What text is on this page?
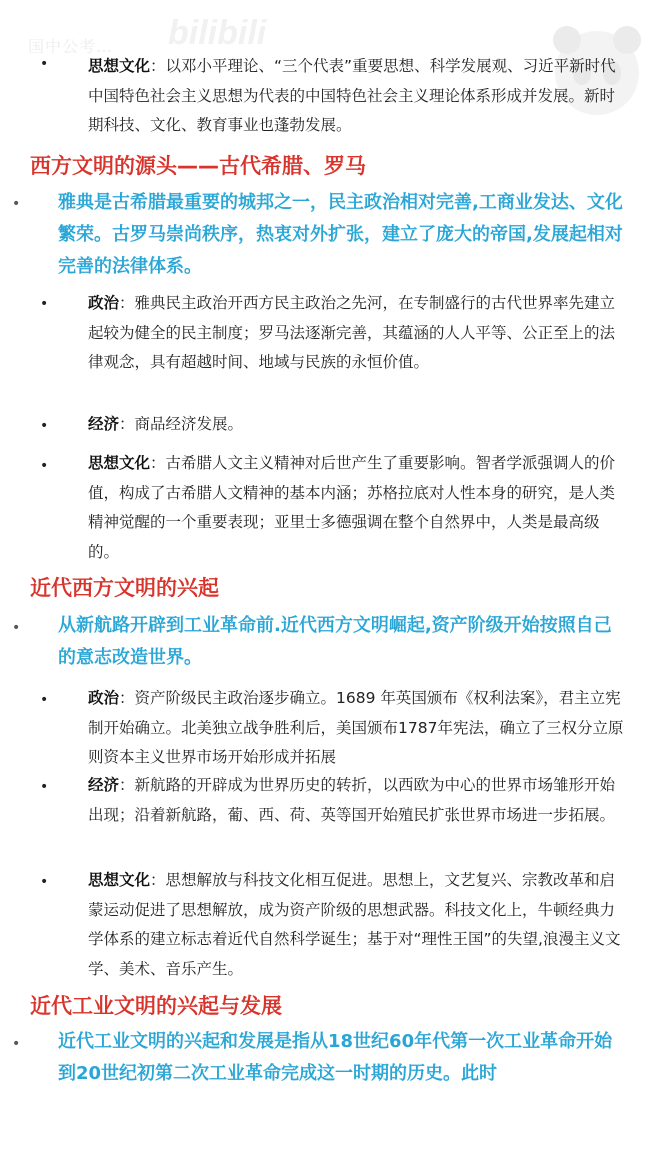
国中公考… bilibili
•	思想文化：以邓小平理论、“三个代表”重要思想、科学发展观、习近平新时代中国特色社会主义思想为代表的中国特色社会主义理论体系形成并发展。新时期科技、文化、教育事业也蓬勃发展。
西方文明的源头——古代希腊、罗马
• 雅典是古希腊最重要的城邦之一，民主政治相对完善,工商业发达、文化繁荣。古罗马崇尚秩序，热衷对外扩张，建立了庞大的帝国,发展起相对完善的法律体系。
•	政治：雅典民主政治开西方民主政治之先河，在专制盛行的古代世界率先建立起较为健全的民主制度；罗马法逐渐完善，其蕴涵的人人平等、公正至上的法律观念，具有超越时间、地域与民族的永恒价值。
•	经济：商品经济发展。
•	思想文化：古希腊人文主义精神对后世产生了重要影响。智者学派强调人的价值，构成了古希腊人文精神的基本内涵；苏格拉底对人性本身的研究，是人类精神觉醒的一个重要表现；亚里士多德强调在整个自然界中，人类是最高级的。
近代西方文明的兴起
• 从新航路开辟到工业革命前.近代西方文明崛起,资产阶级开始按照自己的意志改造世界。
•	政治：资产阶级民主政治逐步确立。1689 年英国颁布《权利法案》，君主立宪制开始确立。北美独立战争胜利后，美国颁布1787年宪法，确立了三权分立原则资本主义世界市场开始形成并拓展
•	经济：新航路的开辟成为世界历史的转折，以西欧为中心的世界市场雏形开始出现；沿着新航路，葡、西、荷、英等国开始殖民扩张世界市场进一步拓展。
•	思想文化：思想解放与科技文化相互促进。思想上，文艺复兴、宗教改革和启蒙运动促进了思想解放，成为资产阶级的思想武器。科技文化上，牛顿经典力学体系的建立标志着近代自然科学诞生；基于对“理性王国”的失望,浪漫主义文学、美术、音乐产生。
近代工业文明的兴起与发展
• 近代工业文明的兴起和发展是指从18世纪60年代第一次工业革命开始到20世纪初第二次工业革命完成这一时期的历史。此时
